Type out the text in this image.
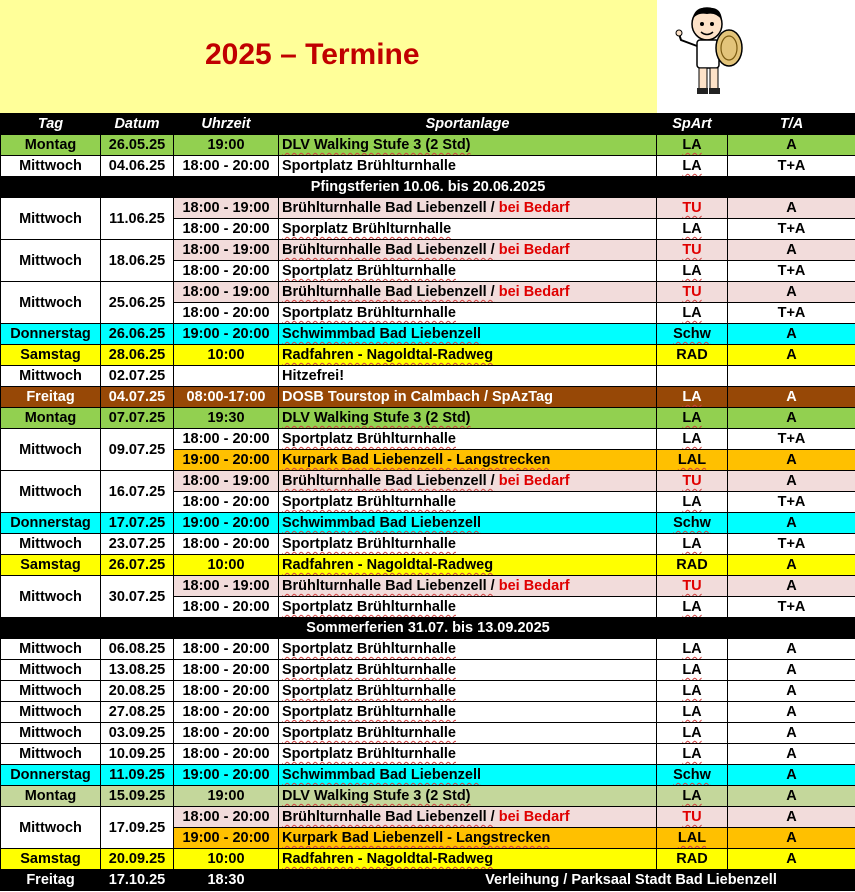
2025 – Termine
Tag	Datum	Uhrzeit	Sportanlage	SpArt	T/A
Montag	26.05.25	19:00	DLV Walking Stufe 3 (2 Std)	LA	A
Mittwoch	04.06.25	18:00 - 20:00	Sportplatz Brühlturnhalle	LA	T+A
Pfingstferien 10.06. bis 20.06.2025					
Mittwoch	11.06.25	18:00 - 19:00	Brühlturnhalle Bad Liebenzell / bei Bedarf	TU	A
		18:00 - 20:00	Sporplatz Brühlturnhalle	LA	T+A
Mittwoch	18.06.25	18:00 - 19:00	Brühlturnhalle Bad Liebenzell / bei Bedarf	TU	A
		18:00 - 20:00	Sportplatz Brühlturnhalle	LA	T+A
Mittwoch	25.06.25	18:00 - 19:00	Brühlturnhalle Bad Liebenzell / bei Bedarf	TU	A
		18:00 - 20:00	Sportplatz Brühlturnhalle	LA	T+A
Donnerstag	26.06.25	19:00 - 20:00	Schwimmbad Bad Liebenzell	Schw	A
Samstag	28.06.25	10:00	Radfahren - Nagoldtal-Radweg	RAD	A
Mittwoch	02.07.25		Hitzefrei!		
Freitag	04.07.25	08:00-17:00	DOSB Tourstop in Calmbach / SpAzTag	LA	A
Montag	07.07.25	19:30	DLV Walking Stufe 3 (2 Std)	LA	A
Mittwoch	09.07.25	18:00 - 20:00	Sportplatz Brühlturnhalle	LA	T+A
		19:00 - 20:00	Kurpark Bad Liebenzell - Langstrecken	LAL	A
Mittwoch	16.07.25	18:00 - 19:00	Brühlturnhalle Bad Liebenzell / bei Bedarf	TU	A
		18:00 - 20:00	Sportplatz Brühlturnhalle	LA	T+A
Donnerstag	17.07.25	19:00 - 20:00	Schwimmbad Bad Liebenzell	Schw	A
Mittwoch	23.07.25	18:00 - 20:00	Sportplatz Brühlturnhalle	LA	T+A
Samstag	26.07.25	10:00	Radfahren - Nagoldtal-Radweg	RAD	A
Mittwoch	30.07.25	18:00 - 19:00	Brühlturnhalle Bad Liebenzell / bei Bedarf	TU	A
		18:00 - 20:00	Sportplatz Brühlturnhalle	LA	T+A
Sommerferien 31.07. bis 13.09.2025					
Mittwoch	06.08.25	18:00 - 20:00	Sportplatz Brühlturnhalle	LA	A
Mittwoch	13.08.25	18:00 - 20:00	Sportplatz Brühlturnhalle	LA	A
Mittwoch	20.08.25	18:00 - 20:00	Sportplatz Brühlturnhalle	LA	A
Mittwoch	27.08.25	18:00 - 20:00	Sportplatz Brühlturnhalle	LA	A
Mittwoch	03.09.25	18:00 - 20:00	Sportplatz Brühlturnhalle	LA	A
Mittwoch	10.09.25	18:00 - 20:00	Sportplatz Brühlturnhalle	LA	A
Donnerstag	11.09.25	19:00 - 20:00	Schwimmbad Bad Liebenzell	Schw	A
Montag	15.09.25	19:00	DLV Walking Stufe 3 (2 Std)	LA	A
Mittwoch	17.09.25	18:00 - 20:00	Brühlturnhalle Bad Liebenzell / bei Bedarf	TU	A
		19:00 - 20:00	Kurpark Bad Liebenzell - Langstrecken	LAL	A
Samstag	20.09.25	10:00	Radfahren - Nagoldtal-Radweg	RAD	A
Freitag	17.10.25	18:30	Verleihung / Parksaal Stadt Bad Liebenzell		
